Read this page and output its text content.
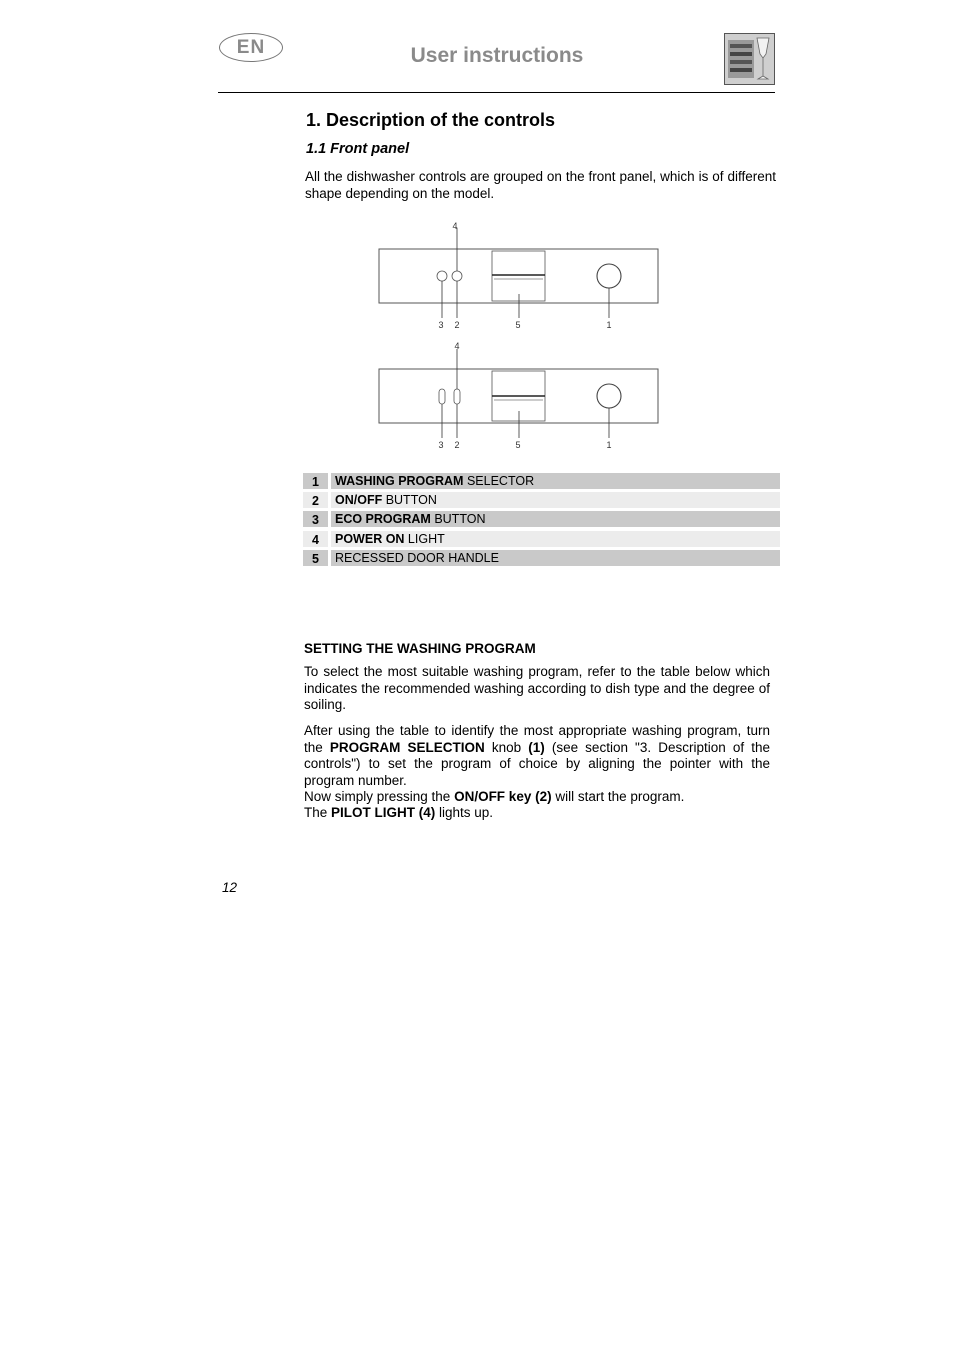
EN	User instructions
1. Description of the controls
1.1 Front panel
All the dishwasher controls are grouped on the front panel, which is of different shape depending on the model.
4
3 2	5	1
4
3 2	5	1
1	WASHING PROGRAM SELECTOR
2	ON/OFF BUTTON
3	ECO PROGRAM BUTTON
4	POWER ON LIGHT
5	RECESSED DOOR HANDLE
SETTING THE WASHING PROGRAM
To select the most suitable washing program, refer to the table below which indicates the recommended washing according to dish type and the degree of soiling.
After using the table to identify the most appropriate washing program, turn the PROGRAM SELECTION knob (1) (see section "3. Description of the controls") to set the program of choice by aligning the pointer with the program number.
Now simply pressing the ON/OFF key (2) will start the program.
The PILOT LIGHT (4) lights up.
12
